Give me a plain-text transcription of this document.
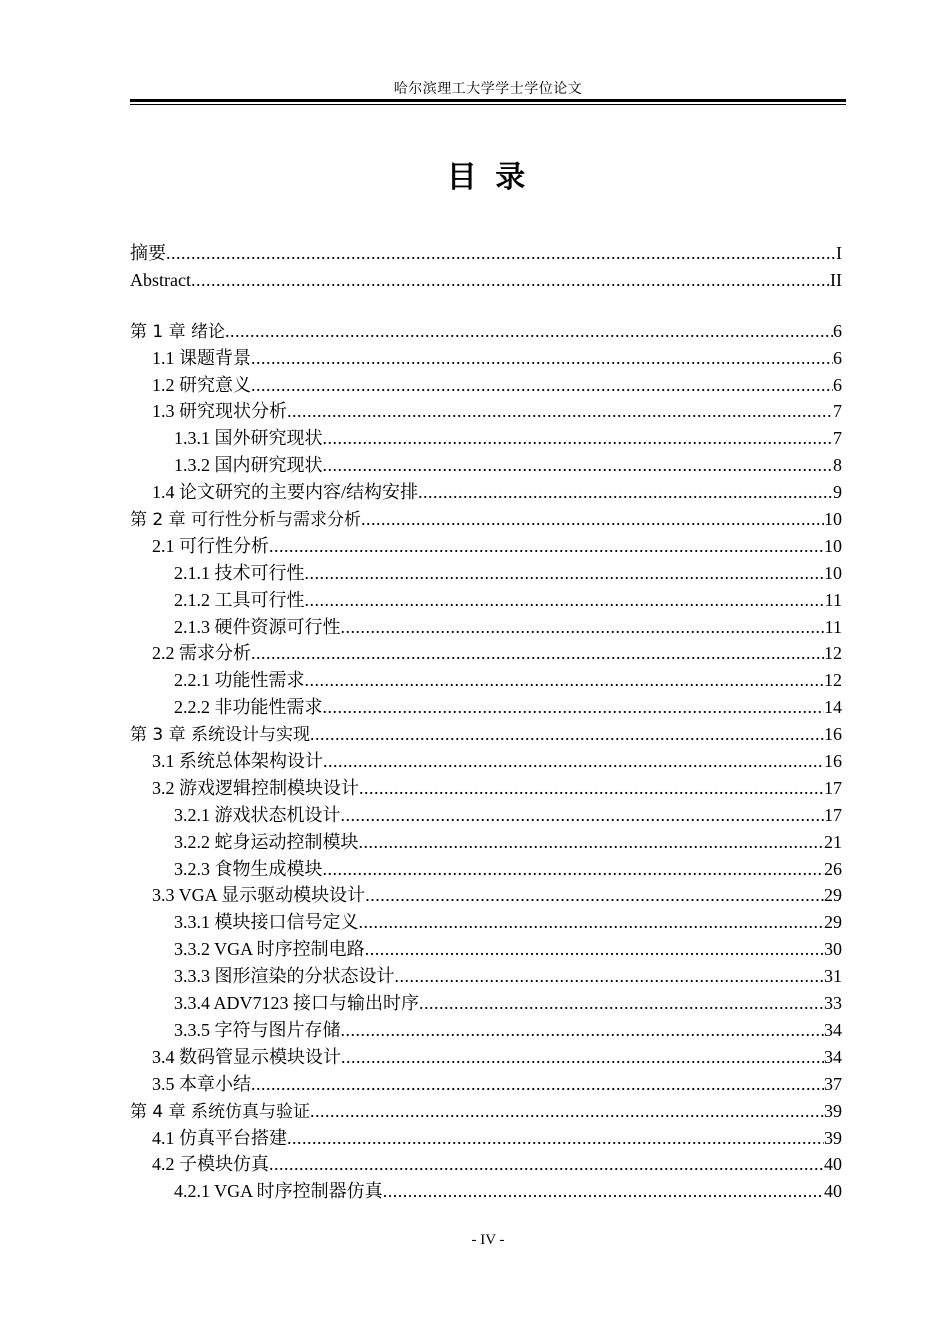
哈尔滨理工大学学士学位论文
目 录
摘要 .....	I
Abstract .....	II
第 1 章 绪论 .....	6
1.1 课题背景 .....	6
1.2 研究意义 .....	6
1.3 研究现状分析 .....	7
1.3.1 国外研究现状 .....	7
1.3.2 国内研究现状 .....	8
1.4 论文研究的主要内容/结构安排 .....	9
第 2 章 可行性分析与需求分析 .....	10
2.1 可行性分析 .....	10
2.1.1 技术可行性 .....	10
2.1.2 工具可行性 .....	11
2.1.3 硬件资源可行性 .....	11
2.2 需求分析 .....	12
2.2.1 功能性需求 .....	12
2.2.2 非功能性需求 .....	14
第 3 章 系统设计与实现 .....	16
3.1 系统总体架构设计 .....	16
3.2 游戏逻辑控制模块设计 .....	17
3.2.1 游戏状态机设计 .....	17
3.2.2 蛇身运动控制模块 .....	21
3.2.3 食物生成模块 .....	26
3.3 VGA 显示驱动模块设计 .....	29
3.3.1 模块接口信号定义 .....	29
3.3.2 VGA 时序控制电路 .....	30
3.3.3 图形渲染的分状态设计 .....	31
3.3.4 ADV7123 接口与输出时序 .....	33
3.3.5 字符与图片存储 .....	34
3.4 数码管显示模块设计 .....	34
3.5 本章小结 .....	37
第 4 章 系统仿真与验证 .....	39
4.1 仿真平台搭建 .....	39
4.2 子模块仿真 .....	40
4.2.1 VGA 时序控制器仿真 .....	40
- IV -
